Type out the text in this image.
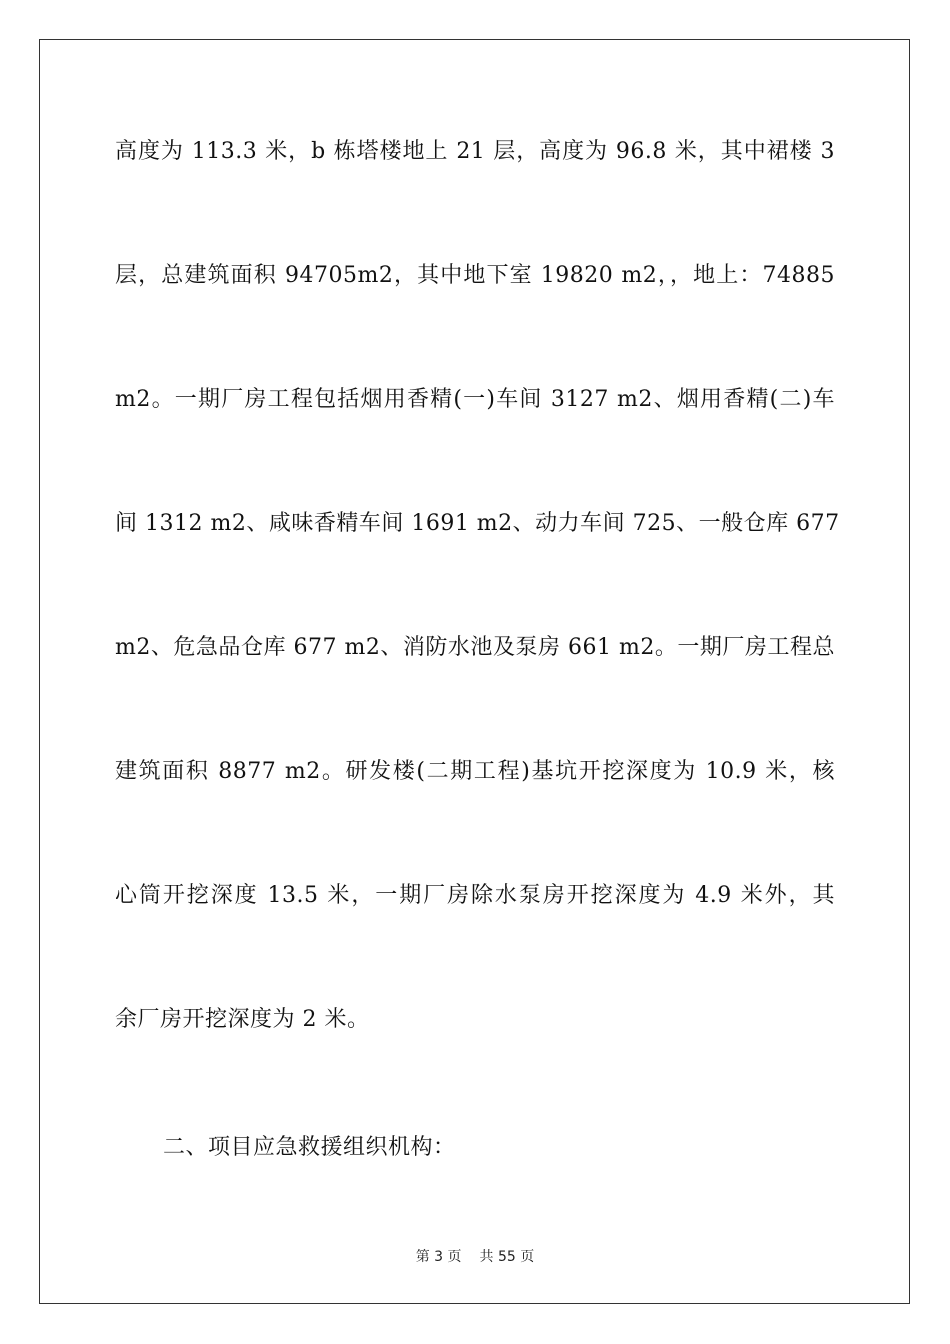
高度为 113.3 米，b 栋塔楼地上 21 层，高度为 96.8 米，其中裙楼 3
层，总建筑面积 94705m2，其中地下室 19820 m2，，地上：74885
m2。一期厂房工程包括烟用香精(一)车间 3127 m2、烟用香精(二)车
间 1312 m2、咸味香精车间 1691 m2、动力车间 725、一般仓库 677
m2、危急品仓库 677 m2、消防水池及泵房 661 m2。一期厂房工程总
建筑面积 8877 m2。研发楼(二期工程)基坑开挖深度为 10.9 米，核
心筒开挖深度 13.5 米，一期厂房除水泵房开挖深度为 4.9 米外，其
余厂房开挖深度为 2 米。
二、项目应急救援组织机构：
第 3 页 共 55 页
